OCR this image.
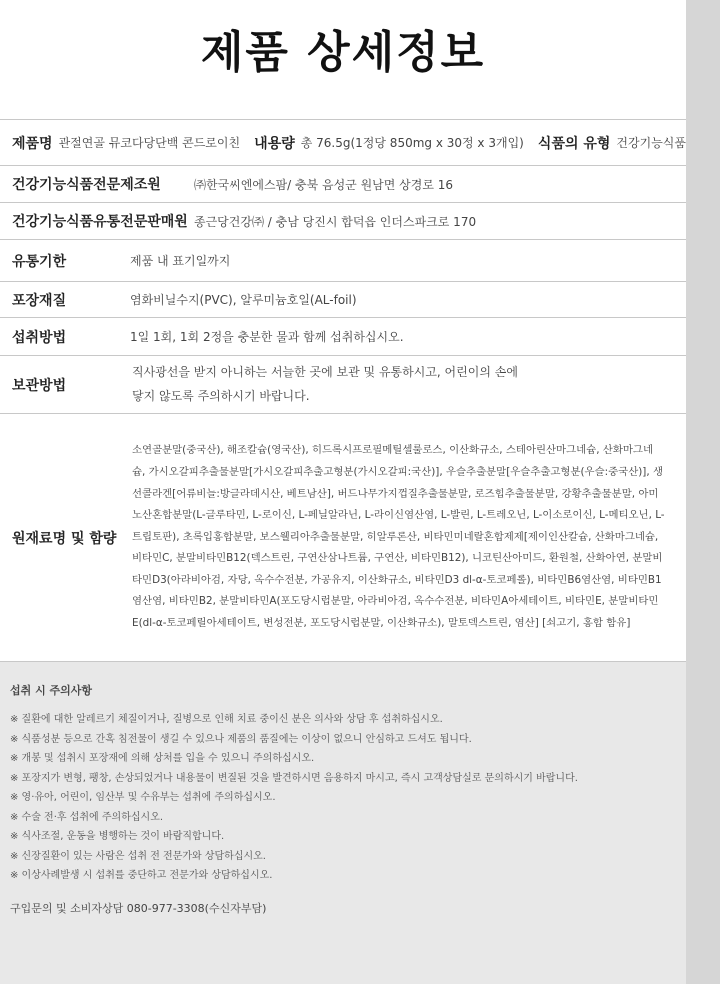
제품 상세정보
제품명 관절연골 뮤코다당단백 콘드로이친 내용량 총 76.5g(1정당 850mg x 30정 x 3개입) 식품의 유형 건강기능식품
건강기능식품전문제조원	㈜한국씨엔에스팜/ 충북 음성군 원남면 상경로 16
건강기능식품유통전문판매원 종근당건강㈜ / 충남 당진시 합덕읍 인더스파크로 170
유통기한	제품 내 표기일까지
포장재질	염화비닐수지(PVC), 알루미늄호일(AL-foil)
섭취방법	1일 1회, 1회 2정을 충분한 물과 함께 섭취하십시오.
보관방법
직사광선을 받지 아니하는 서늘한 곳에 보관 및 유통하시고, 어린이의 손에 닿지 않도록 주의하시기 바랍니다.
원재료명 및 함량
소연골분말(중국산), 해조칼슘(영국산), 히드록시프로필메틸셀룰로스, 이산화규소, 스테아린산마그네슘, 산화마그네슘, 가시오갈피추출물분말[가시오갈피추출고형분(가시오갈피:국산)], 우슬추출분말[우슬추출고형분(우슬:중국산)], 생선콜라겐[어류비늘:방글라데시산, 베트남산], 버드나무가지껍질추출물분말, 로즈힙추출물분말, 강황추출물분말, 아미노산혼합분말(L-글루타민, L-로이신, L-페닐알라닌, L-라이신염산염, L-발린, L-트레오닌, L-이소로이신, L-메티오닌, L-트립토판), 초록입홍합분말, 보스웰리아추출물분말, 히알루론산, 비타민미네랄혼합제제[제이인산칼슘, 산화마그네슘, 비타민C, 분말비타민B12(덱스트린, 구연산삼나트륨, 구연산, 비타민B12), 니코틴산아미드, 환원철, 산화아연, 분말비타민D3(아라비아검, 자당, 옥수수전분, 가공유지, 이산화규소, 비타민D3 dl-α-토코페롤), 비타민B6염산염, 비타민B1염산염, 비타민B2, 분말비타민A(포도당시럽분말, 아라비아검, 옥수수전분, 비타민A아세테이트, 비타민E, 분말비타민E(dl-α-토코페릴아세테이트, 변성전분, 포도당시럽분말, 이산화규소), 말토덱스트린, 염산] [쇠고기, 홍합 함유]
섭취 시 주의사항
※ 질환에 대한 알레르기 체질이거나, 질병으로 인해 치료 중이신 분은 의사와 상담 후 섭취하십시오.
※ 식품성분 등으로 간혹 침전물이 생길 수 있으나 제품의 품질에는 이상이 없으니 안심하고 드셔도 됩니다.
※ 개봉 및 섭취시 포장재에 의해 상처를 입을 수 있으니 주의하십시오.
※ 포장지가 변형, 팽창, 손상되었거나 내용물이 변질된 것을 발견하시면 음용하지 마시고, 즉시 고객상담실로 문의하시기 바랍니다.
※ 영·유아, 어린이, 임산부 및 수유부는 섭취에 주의하십시오.
※ 수술 전·후 섭취에 주의하십시오.
※ 식사조절, 운동을 병행하는 것이 바람직합니다.
※ 신장질환이 있는 사람은 섭취 전 전문가와 상담하십시오.
※ 이상사례발생 시 섭취를 중단하고 전문가와 상담하십시오.
구입문의 및 소비자상담 080-977-3308(수신자부담)
